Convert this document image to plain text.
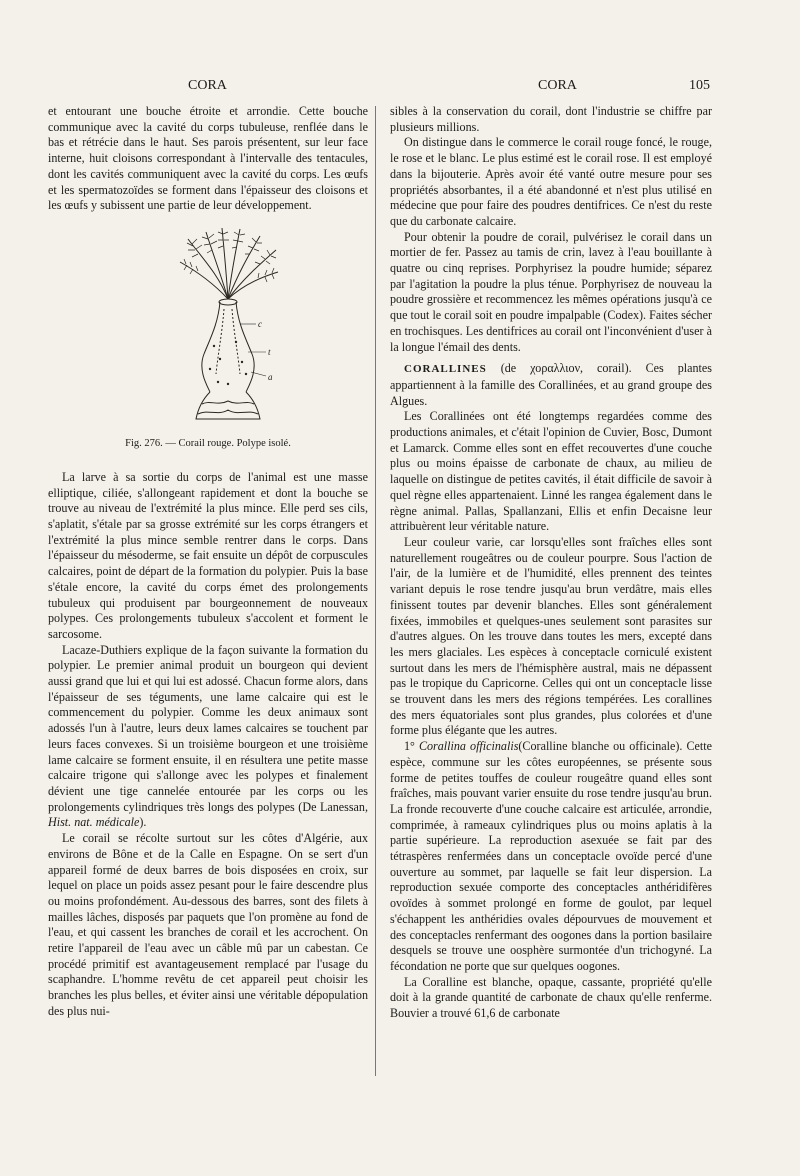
CORA	CORA	105

et entourant une bouche étroite et arrondie. Cette bouche communique avec la cavité du corps tubuleuse, renflée dans le bas et rétrécie dans le haut. Ses parois présentent, sur leur face interne, huit cloisons correspondant à l'intervalle des tentacules, dont les cavités communiquent avec la cavité du corps. Les œufs et les spermatozoïdes se forment dans l'épaisseur des cloisons et les œufs y subissent une partie de leur développement.

c
t
a
Fig. 276. — Corail rouge. Polype isolé.

La larve à sa sortie du corps de l'animal est une masse elliptique, ciliée, s'allongeant rapidement et dont la bouche se trouve au niveau de l'extrémité la plus mince. Elle perd ses cils, s'aplatit, s'étale par sa grosse extrémité sur les corps étrangers et l'extrémité la plus mince semble rentrer dans le corps. Dans l'épaisseur du mésoderme, se fait ensuite un dépôt de corpuscules calcaires, point de départ de la formation du polypier. Puis la base s'étale encore, la cavité du corps émet des prolongements tubuleux qui produisent par bourgeonnement de nouveaux polypes. Ces prolongements tubuleux s'accolent et forment le sarcosome.

Lacaze-Duthiers explique de la façon suivante la formation du polypier. Le premier animal produit un bourgeon qui devient aussi grand que lui et qui lui est adossé. Chacun forme alors, dans l'épaisseur de ses téguments, une lame calcaire qui est le commencement du polypier. Comme les deux animaux sont adossés l'un à l'autre, leurs deux lames calcaires se touchent par leurs faces convexes. Si un troisième bourgeon et une troisième lame calcaire se forment ensuite, il en résultera une petite masse calcaire trigone qui s'allonge avec les polypes et finalement dévient une tige cannelée entourée par les corps ou les prolongements cylindriques très longs des polypes (De Lanessan, Hist. nat. médicale).

Le corail se récolte surtout sur les côtes d'Algérie, aux environs de Bône et de la Calle en Espagne. On se sert d'un appareil formé de deux barres de bois disposées en croix, sur lequel on place un poids assez pesant pour le faire descendre plus ou moins profondément. Au-dessous des barres, sont des filets à mailles lâches, disposés par paquets que l'on promène au fond de l'eau, et qui cassent les branches de corail et les accrochent. On retire l'appareil de l'eau avec un câble mû par un cabestan. Ce procédé primitif est avantageusement remplacé par l'usage du scaphandre. L'homme revêtu de cet appareil peut choisir les branches les plus belles, et éviter ainsi une véritable dépopulation des plus nui-

sibles à la conservation du corail, dont l'industrie se chiffre par plusieurs millions.

On distingue dans le commerce le corail rouge foncé, le rouge, le rose et le blanc. Le plus estimé est le corail rose. Il est employé dans la bijouterie. Après avoir été vanté outre mesure pour ses propriétés absorbantes, il a été abandonné et n'est plus utilisé en médecine que pour faire des poudres dentifrices. Ce n'est du reste que du carbonate calcaire.

Pour obtenir la poudre de corail, pulvérisez le corail dans un mortier de fer. Passez au tamis de crin, lavez à l'eau bouillante à quatre ou cinq reprises. Porphyrisez la poudre humide; séparez par l'agitation la poudre la plus ténue. Porphyrisez de nouveau la poudre grossière et recommencez les mêmes opérations jusqu'à ce que tout le corail soit en poudre impalpable (Codex). Faites sécher en trochisques. Les dentifrices au corail ont l'inconvénient d'user à la longue l'émail des dents.

CORALLINES (de χοραλλιον, corail). Ces plantes appartiennent à la famille des Corallinées, et au grand groupe des Algues.

Les Corallinées ont été longtemps regardées comme des productions animales, et c'était l'opinion de Cuvier, Bosc, Dumont et Lamarck. Comme elles sont en effet recouvertes d'une couche plus ou moins épaisse de carbonate de chaux, au milieu de laquelle on distingue de petites cavités, il était difficile de savoir à quel règne elles appartenaient. Linné les rangea également dans le règne animal. Pallas, Spallanzani, Ellis et enfin Decaisne leur attribuèrent leur véritable nature.

Leur couleur varie, car lorsqu'elles sont fraîches elles sont naturellement rougeâtres ou de couleur pourpre. Sous l'action de l'air, de la lumière et de l'humidité, elles prennent des teintes variant depuis le rose tendre jusqu'au brun verdâtre, mais elles finissent toutes par devenir blanches. Elles sont généralement fixées, immobiles et quelques-unes seulement sont parasites sur d'autres algues. On les trouve dans toutes les mers, excepté dans les mers glaciales. Les espèces à conceptacle corniculé existent surtout dans les mers de l'hémisphère austral, mais ne dépassent pas le tropique du Capricorne. Celles qui ont un conceptacle lisse se trouvent dans les mers des régions tempérées. Les corallines des mers équatoriales sont plus grandes, plus colorées et d'une forme plus élégante que les autres.

1° Corallina officinalis(Coralline blanche ou officinale). Cette espèce, commune sur les côtes européennes, se présente sous forme de petites touffes de couleur rougeâtre quand elles sont fraîches, mais pouvant varier ensuite du rose tendre jusqu'au brun. La fronde recouverte d'une couche calcaire est articulée, arrondie, comprimée, à rameaux cylindriques plus ou moins aplatis à la partie supérieure. La reproduction asexuée se fait par des tétraspères renfermées dans un conceptacle ovoïde percé d'une ouverture au sommet, par laquelle se fait leur dispersion. La reproduction sexuée comporte des conceptacles anthéridifères ovoïdes à sommet prolongé en forme de goulot, par lequel s'échappent les anthéridies ovales dépourvues de mouvement et des conceptacles renfermant des oogones dans la portion basilaire desquels se trouve une oosphère surmontée d'un trichogyné. La fécondation ne porte que sur quelques oogones.

La Coralline est blanche, opaque, cassante, propriété qu'elle doit à la grande quantité de carbonate de chaux qu'elle renferme. Bouvier a trouvé 61,6 de carbonate
